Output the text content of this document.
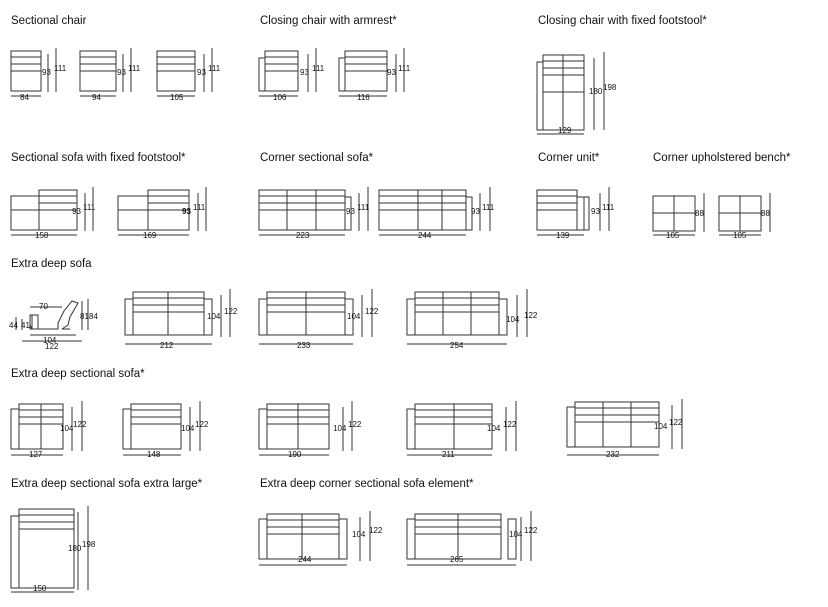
Sectional chair	Closing chair with armrest*	Closing chair with fixed footstool*
Sectional sofa with fixed footstool*	Corner sectional sofa*	Corner unit*	Corner upholstered bench*
Extra deep sofa
Extra deep sectional sofa*
Extra deep sectional sofa extra large*	Extra deep corner sectional sofa element*
84
93 111
94
93 111
105
93 111
106
93 111
116
93 111
129
180 198
158
93 111
169
93 111
223
93 111
244
93 111
139
93 111
105
88
105
88
70
81 84
44 41
104
122	212
104
122
233
104
122
254
104 122
127
104 122
148
104 122
190
104 122
211
104 122
232
104 122
150
180 198
244
104 122
265
104 122
